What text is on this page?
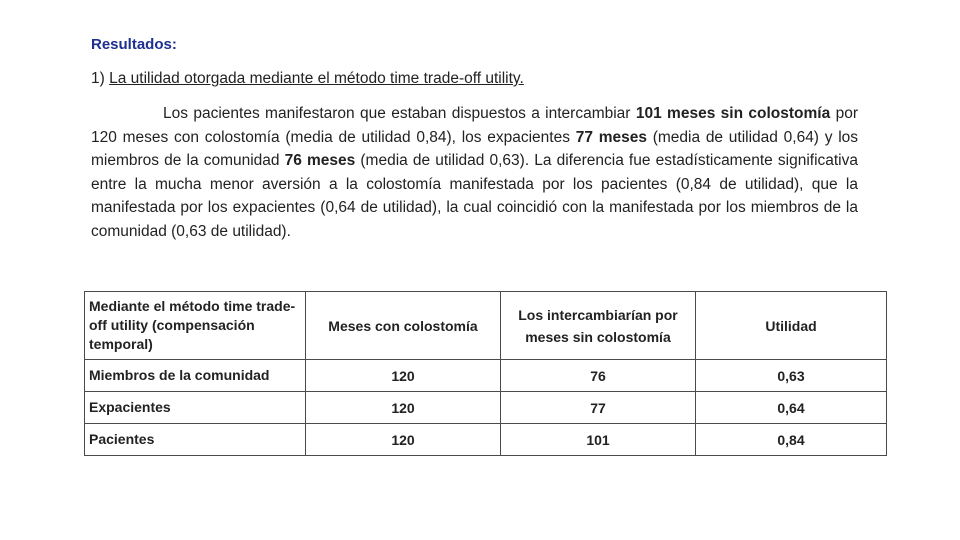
Resultados:
1) La utilidad otorgada mediante el método time trade-off utility.

Los pacientes manifestaron que estaban dispuestos a intercambiar 101 meses sin colostomía por 120 meses con colostomía (media de utilidad 0,84), los expacientes 77 meses (media de utilidad 0,64) y los miembros de la comunidad 76 meses (media de utilidad 0,63). La diferencia fue estadísticamente significativa entre la mucha menor aversión a la colostomía manifestada por los pacientes (0,84 de utilidad), que la manifestada por los expacientes (0,64 de utilidad), la cual coincidió con la manifestada por los miembros de la comunidad (0,63 de utilidad).

Mediante el método time trade-off utility (compensación temporal)	Meses con colostomía	Los intercambiarían por meses sin colostomía	Utilidad
Miembros de la comunidad	120	76	0,63
Expacientes	120	77	0,64
Pacientes	120	101	0,84
